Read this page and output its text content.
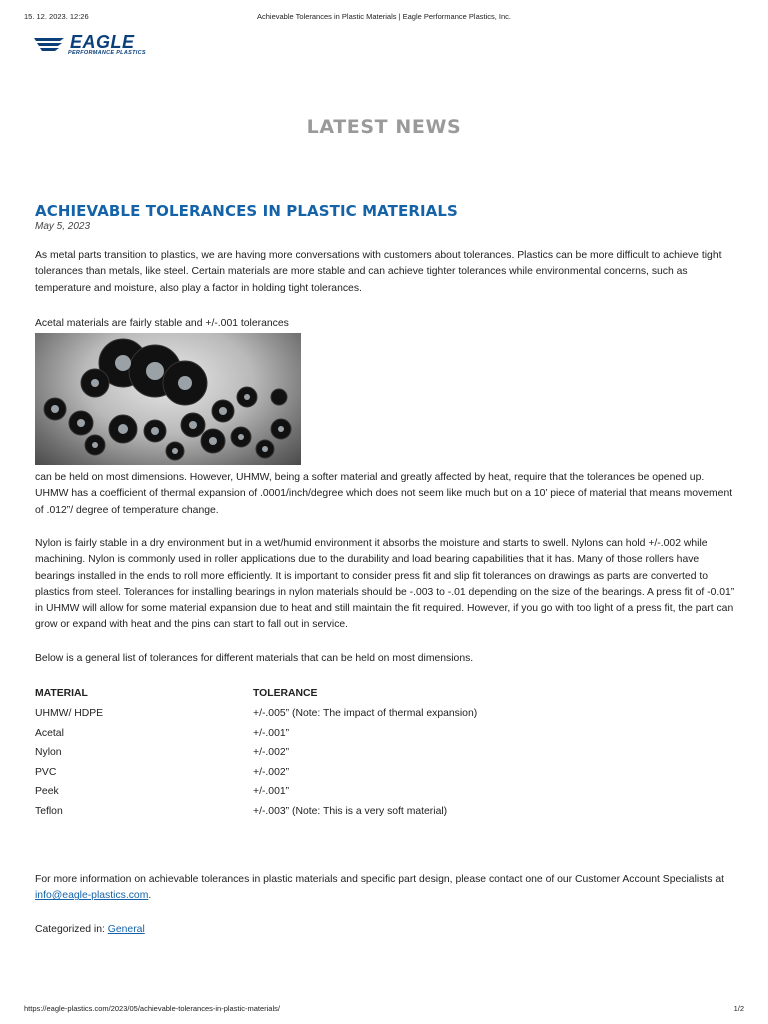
15. 12. 2023. 12:26	Achievable Tolerances in Plastic Materials | Eagle Performance Plastics, Inc.
EAGLE
PERFORMANCE PLASTICS
LATEST NEWS
ACHIEVABLE TOLERANCES IN PLASTIC MATERIALS
May 5, 2023

As metal parts transition to plastics, we are having more conversations with customers about tolerances. Plastics can be more difficult to achieve tight tolerances than metals, like steel. Certain materials are more stable and can achieve tighter tolerances while environmental concerns, such as temperature and moisture, also play a factor in holding tight tolerances.

Acetal materials are fairly stable and +/-.001 tolerances

can be held on most dimensions. However, UHMW, being a softer material and greatly affected by heat, require that the tolerances be opened up. UHMW has a coefficient of thermal expansion of .0001/inch/degree which does not seem like much but on a 10’ piece of material that means movement of .012”/ degree of temperature change.

Nylon is fairly stable in a dry environment but in a wet/humid environment it absorbs the moisture and starts to swell. Nylons can hold +/-.002 while machining. Nylon is commonly used in roller applications due to the durability and load bearing capabilities that it has. Many of those rollers have bearings installed in the ends to roll more efficiently. It is important to consider press fit and slip fit tolerances on drawings as parts are converted to plastics from steel. Tolerances for installing bearings in nylon materials should be -.003 to -.01 depending on the size of the bearings. A press fit of -0.01” in UHMW will allow for some material expansion due to heat and still maintain the fit required. However, if you go with too light of a press fit, the part can grow or expand with heat and the pins can start to fall out in service.

Below is a general list of tolerances for different materials that can be held on most dimensions.

MATERIAL	TOLERANCE
UHMW/ HDPE	+/-.005” (Note: The impact of thermal expansion)
Acetal	+/-.001”
Nylon	+/-.002”
PVC	+/-.002”
Peek	+/-.001”
Teflon	+/-.003” (Note: This is a very soft material)

For more information on achievable tolerances in plastic materials and specific part design, please contact one of our Customer Account Specialists at info@eagle-plastics.com.

Categorized in: General

https://eagle-plastics.com/2023/05/achievable-tolerances-in-plastic-materials/	1/2
